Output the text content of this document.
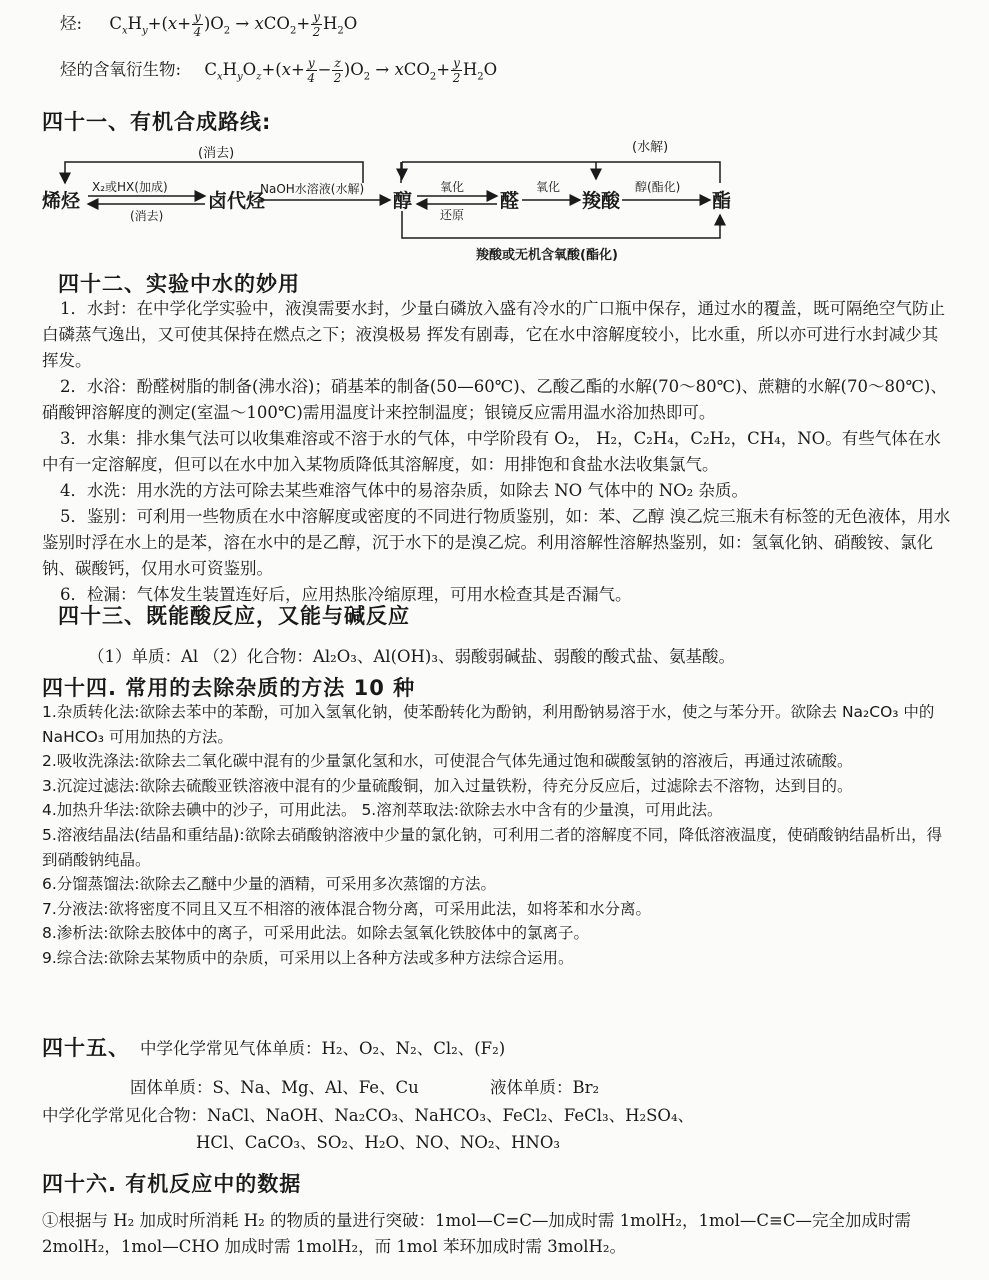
烃: $C_xH_y+(x+ \frac{y}{4} )O_2 \to xCO_2+ \frac{y}{2} H_2O$
烃的含氧衍生物: $C_xH_yO_z+(x+ \frac{y}{4} - \frac{z}{2} )O_2 \to xCO_2+ \frac{y}{2} H_2O$
四十一、有机合成路线:
(消去)
X₂或HX(加成)
(消去)
烯烃	卤代烃	醇	醛	羧酸	酯
NaOH水溶液(水解)	氧化
还原
氧化	醇(酯化)
(水解)
羧酸或无机含氧酸(酯化)
四十二、实验中水的妙用

1．水封：在中学化学实验中，液溴需要水封，少量白磷放入盛有冷水的广口瓶中保存，通过水的覆盖，既可隔绝空气防止白磷蒸气逸出，又可使其保持在燃点之下；液溴极易 挥发有剧毒，它在水中溶解度较小，比水重，所以亦可进行水封减少其挥发。

2．水浴：酚醛树脂的制备(沸水浴)；硝基苯的制备(50—60℃)、乙酸乙酯的水解(70～80℃)、蔗糖的水解(70～80℃)、硝酸钾溶解度的测定(室温～100℃)需用温度计来控制温度；银镜反应需用温水浴加热即可。

3．水集：排水集气法可以收集难溶或不溶于水的气体，中学阶段有 O₂， H₂，C₂H₄，C₂H₂，CH₄，NO。有些气体在水中有一定溶解度，但可以在水中加入某物质降低其溶解度，如：用排饱和食盐水法收集氯气。

4．水洗：用水洗的方法可除去某些难溶气体中的易溶杂质，如除去 NO 气体中的 NO₂ 杂质。

5．鉴别：可利用一些物质在水中溶解度或密度的不同进行物质鉴别，如：苯、乙醇 溴乙烷三瓶未有标签的无色液体，用水鉴别时浮在水上的是苯，溶在水中的是乙醇，沉于水下的是溴乙烷。利用溶解性溶解热鉴别，如：氢氧化钠、硝酸铵、氯化钠、碳酸钙，仅用水可资鉴别。

6．检漏：气体发生装置连好后，应用热胀冷缩原理，可用水检查其是否漏气。

四十三、既能酸反应，又能与碱反应
（1）单质：Al （2）化合物：Al₂O₃、Al(OH)₃、弱酸弱碱盐、弱酸的酸式盐、氨基酸。
四十四. 常用的去除杂质的方法 10 种

1.杂质转化法:欲除去苯中的苯酚，可加入氢氧化钠，使苯酚转化为酚钠，利用酚钠易溶于水，使之与苯分开。欲除去 Na₂CO₃ 中的 NaHCO₃ 可用加热的方法。

2.吸收洗涤法:欲除去二氧化碳中混有的少量氯化氢和水，可使混合气体先通过饱和碳酸氢钠的溶液后，再通过浓硫酸。

3.沉淀过滤法:欲除去硫酸亚铁溶液中混有的少量硫酸铜，加入过量铁粉，待充分反应后，过滤除去不溶物，达到目的。

4.加热升华法:欲除去碘中的沙子，可用此法。 5.溶剂萃取法:欲除去水中含有的少量溴，可用此法。

5.溶液结晶法(结晶和重结晶):欲除去硝酸钠溶液中少量的氯化钠，可利用二者的溶解度不同，降低溶液温度，使硝酸钠结晶析出，得到硝酸钠纯晶。

6.分馏蒸馏法:欲除去乙醚中少量的酒精，可采用多次蒸馏的方法。

7.分液法:欲将密度不同且又互不相溶的液体混合物分离，可采用此法，如将苯和水分离。

8.渗析法:欲除去胶体中的离子，可采用此法。如除去氢氧化铁胶体中的氯离子。

9.综合法:欲除去某物质中的杂质，可采用以上各种方法或多种方法综合运用。

四十五、 中学化学常见气体单质：H₂、O₂、N₂、Cl₂、(F₂)
固体单质：S、Na、Mg、Al、Fe、Cu	液体单质：Br₂
中学化学常见化合物：NaCl、NaOH、Na₂CO₃、NaHCO₃、FeCl₂、FeCl₃、H₂SO₄、
HCl、CaCO₃、SO₂、H₂O、NO、NO₂、HNO₃
四十六. 有机反应中的数据

①根据与 H₂ 加成时所消耗 H₂ 的物质的量进行突破：1mol—C=C—加成时需 1molH₂，1mol—C≡C—完全加成时需 2molH₂，1mol—CHO 加成时需 1molH₂，而 1mol 苯环加成时需 3molH₂。
